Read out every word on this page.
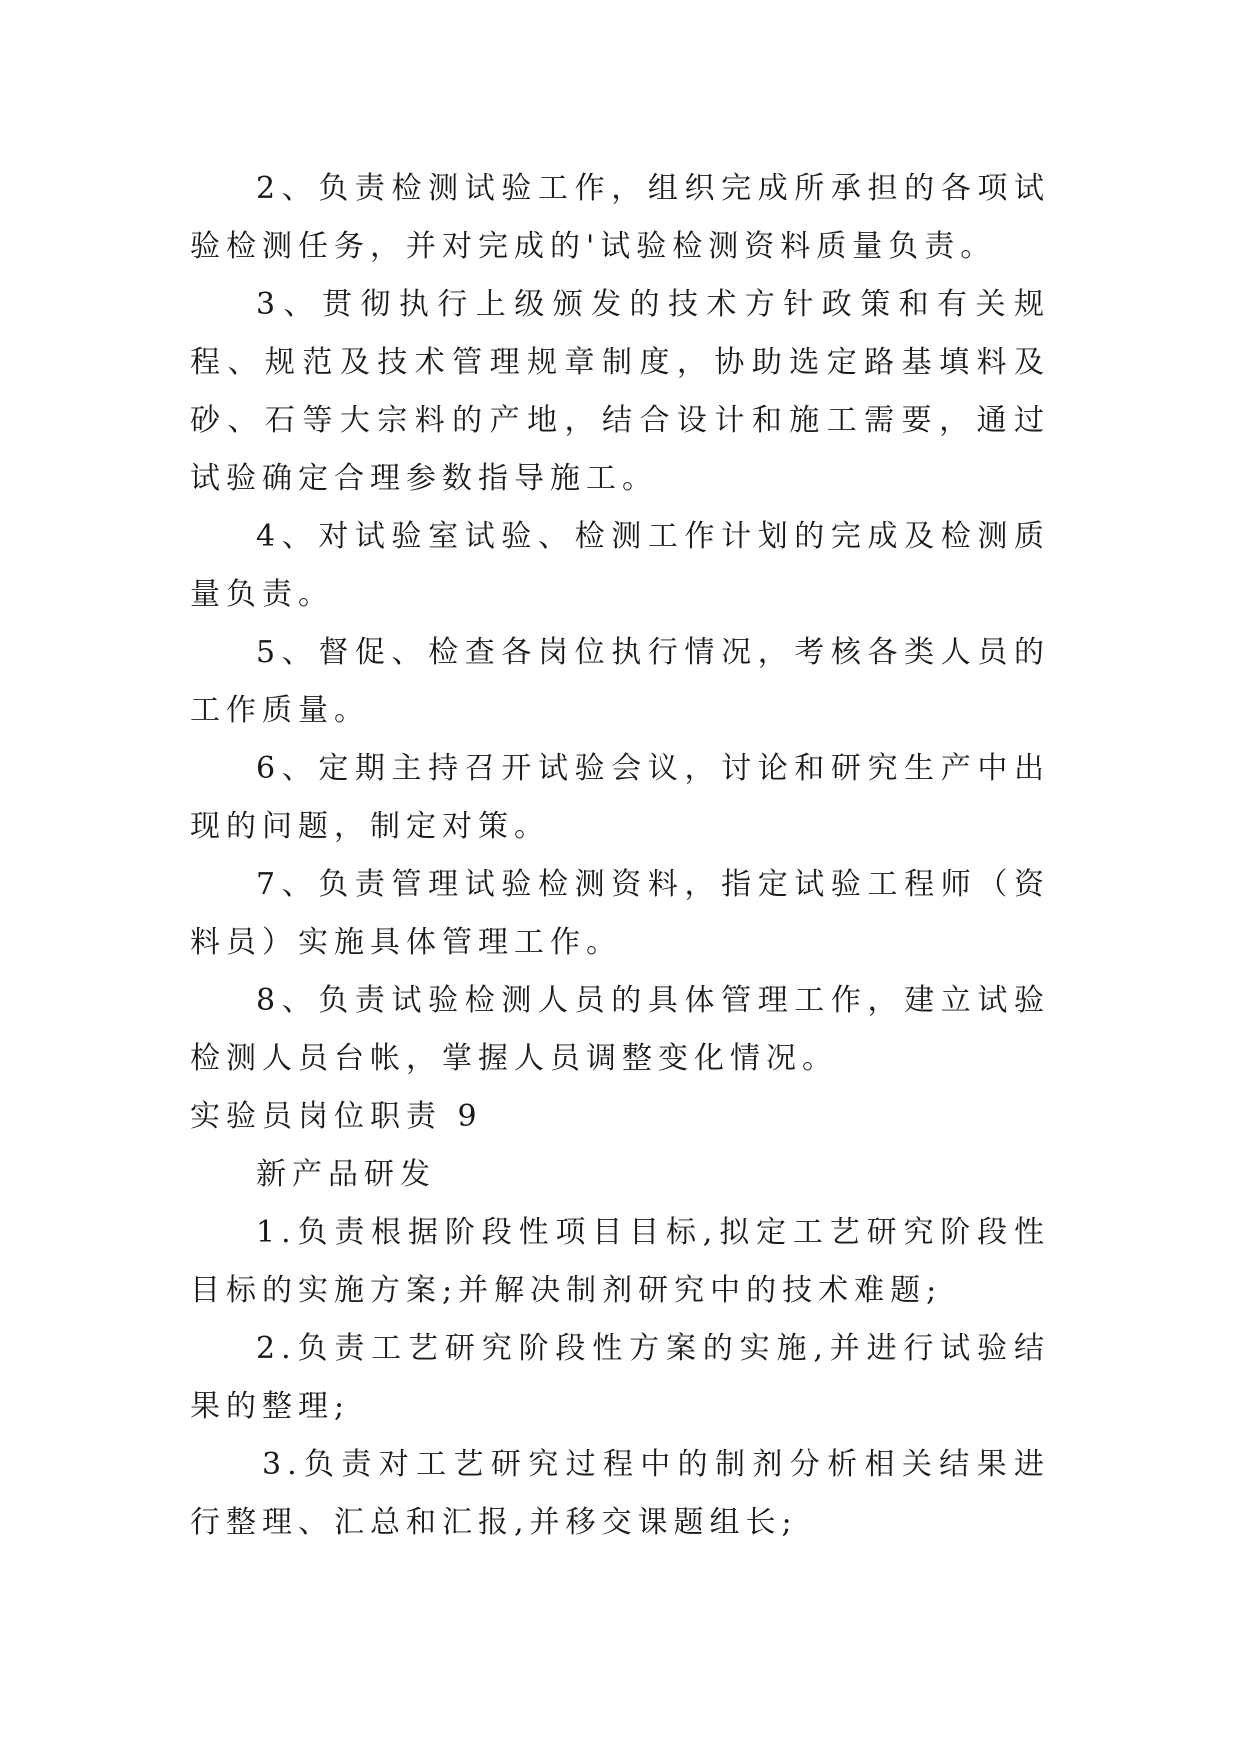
2、负责检测试验工作，组织完成所承担的各项试验检测任务，并对完成的'试验检测资料质量负责。

3、贯彻执行上级颁发的技术方针政策和有关规程、规范及技术管理规章制度，协助选定路基填料及砂、石等大宗料的产地，结合设计和施工需要，通过试验确定合理参数指导施工。

4、对试验室试验、检测工作计划的完成及检测质量负责。

5、督促、检查各岗位执行情况，考核各类人员的工作质量。

6、定期主持召开试验会议，讨论和研究生产中出现的问题，制定对策。

7、负责管理试验检测资料，指定试验工程师（资料员）实施具体管理工作。

8、负责试验检测人员的具体管理工作，建立试验检测人员台帐，掌握人员调整变化情况。

实验员岗位职责 9

新产品研发

1.负责根据阶段性项目目标,拟定工艺研究阶段性目标的实施方案;并解决制剂研究中的技术难题;

2.负责工艺研究阶段性方案的实施,并进行试验结果的整理;

3.负责对工艺研究过程中的制剂分析相关结果进行整理、汇总和汇报,并移交课题组长;
